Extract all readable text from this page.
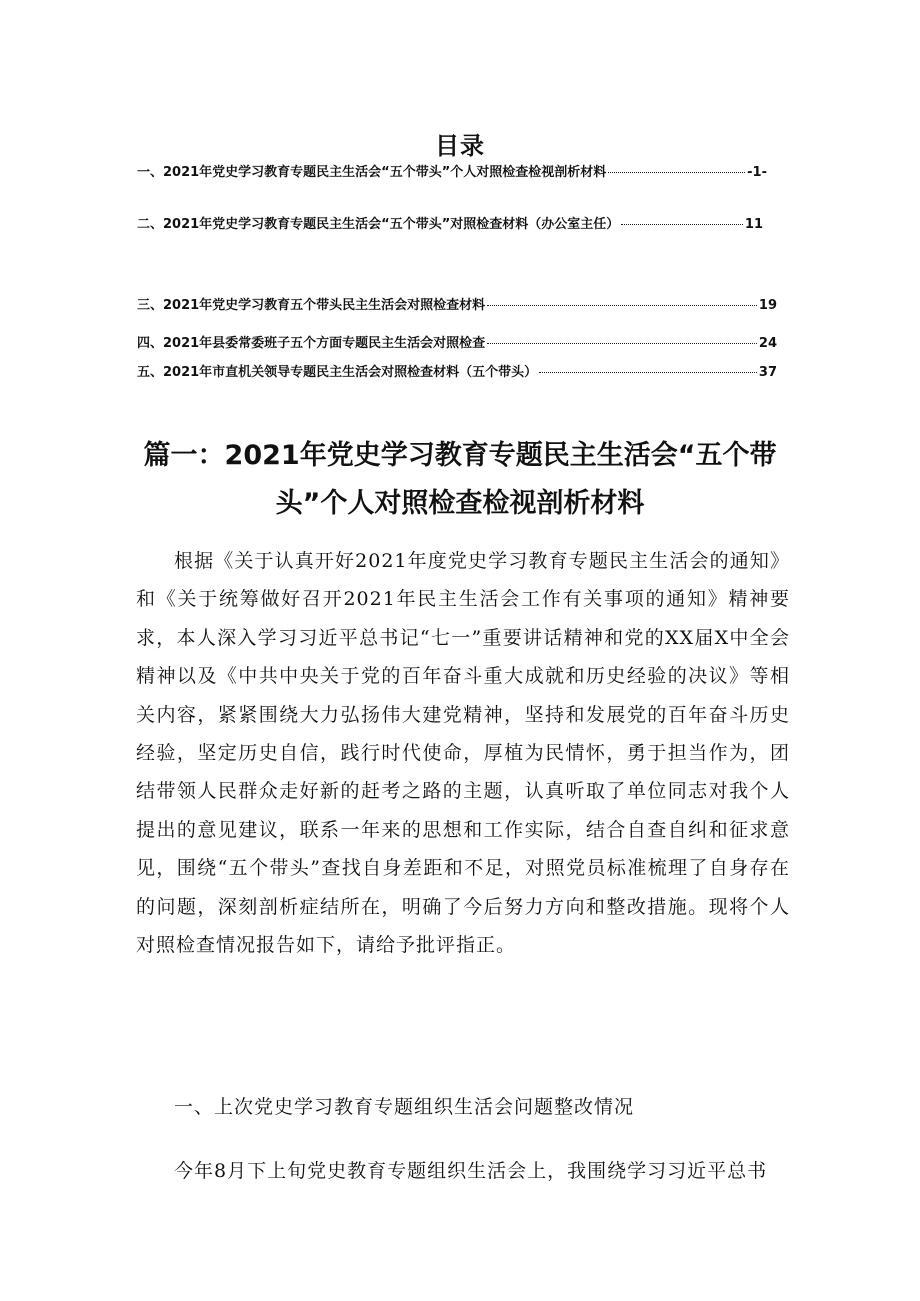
目录
一、2021年党史学习教育专题民主生活会“五个带头”个人对照检查检视剖析材料	-1-
二、2021年党史学习教育专题民主生活会“五个带头”对照检查材料（办公室主任）	11
三、2021年党史学习教育五个带头民主生活会对照检查材料	19
四、2021年县委常委班子五个方面专题民主生活会对照检查	24
五、2021年市直机关领导专题民主生活会对照检查材料（五个带头）	37
篇一：2021年党史学习教育专题民主生活会“五个带头”个人对照检查检视剖析材料
根据《关于认真开好2021年度党史学习教育专题民主生活会的通知》和《关于统筹做好召开2021年民主生活会工作有关事项的通知》精神要求，本人深入学习习近平总书记“七一”重要讲话精神和党的XX届X中全会精神以及《中共中央关于党的百年奋斗重大成就和历史经验的决议》等相关内容，紧紧围绕大力弘扬伟大建党精神，坚持和发展党的百年奋斗历史经验，坚定历史自信，践行时代使命，厚植为民情怀，勇于担当作为，团结带领人民群众走好新的赶考之路的主题，认真听取了单位同志对我个人提出的意见建议，联系一年来的思想和工作实际，结合自查自纠和征求意见，围绕“五个带头”查找自身差距和不足，对照党员标准梳理了自身存在的问题，深刻剖析症结所在，明确了今后努力方向和整改措施。现将个人对照检查情况报告如下，请给予批评指正。
一、上次党史学习教育专题组织生活会问题整改情况
今年8月下上旬党史教育专题组织生活会上，我围绕学习习近平总书
